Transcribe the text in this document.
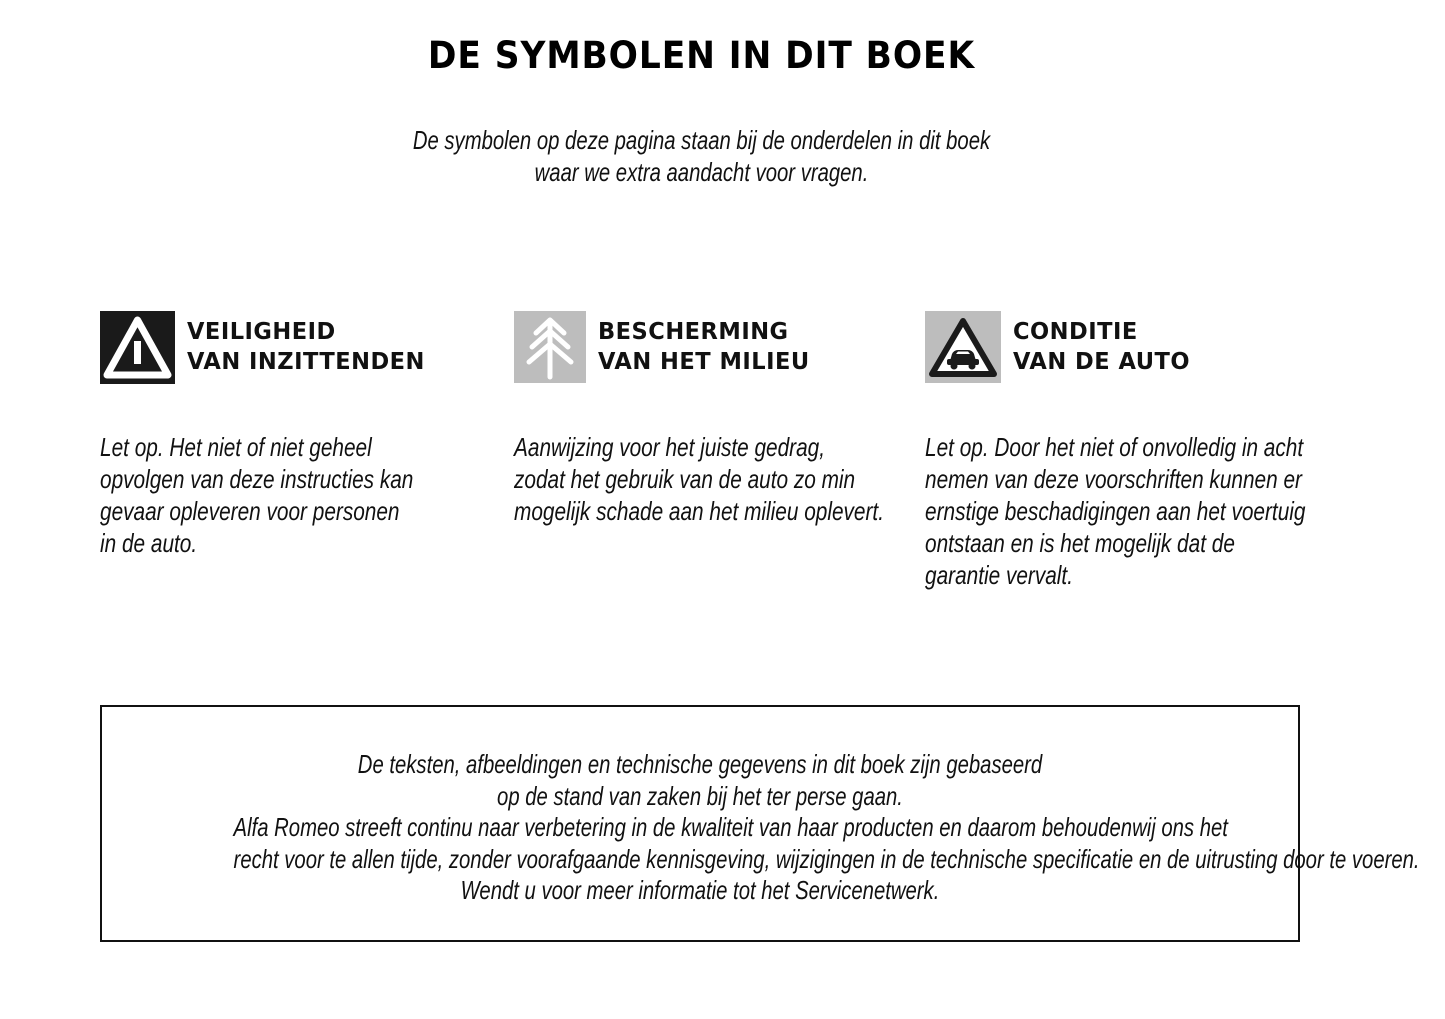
DE SYMBOLEN IN DIT BOEK
De symbolen op deze pagina staan bij de onderdelen in dit boek
waar we extra aandacht voor vragen.
VEILIGHEID
VAN INZITTENDEN
Let op. Het niet of niet geheel
opvolgen van deze instructies kan
gevaar opleveren voor personen
in de auto.
BESCHERMING
VAN HET MILIEU
Aanwijzing voor het juiste gedrag,
zodat het gebruik van de auto zo min
mogelijk schade aan het milieu oplevert.
CONDITIE
VAN DE AUTO
Let op. Door het niet of onvolledig in acht
nemen van deze voorschriften kunnen er
ernstige beschadigingen aan het voertuig
ontstaan en is het mogelijk dat de
garantie vervalt.
De teksten, afbeeldingen en technische gegevens in dit boek zijn gebaseerd
op de stand van zaken bij het ter perse gaan.
Alfa Romeo streeft continu naar verbetering in de kwaliteit van haar producten en daarom behoudenwij ons het
recht voor te allen tijde, zonder voorafgaande kennisgeving, wijzigingen in de technische specificatie en de uitrusting door te voeren.
Wendt u voor meer informatie tot het Servicenetwerk.
